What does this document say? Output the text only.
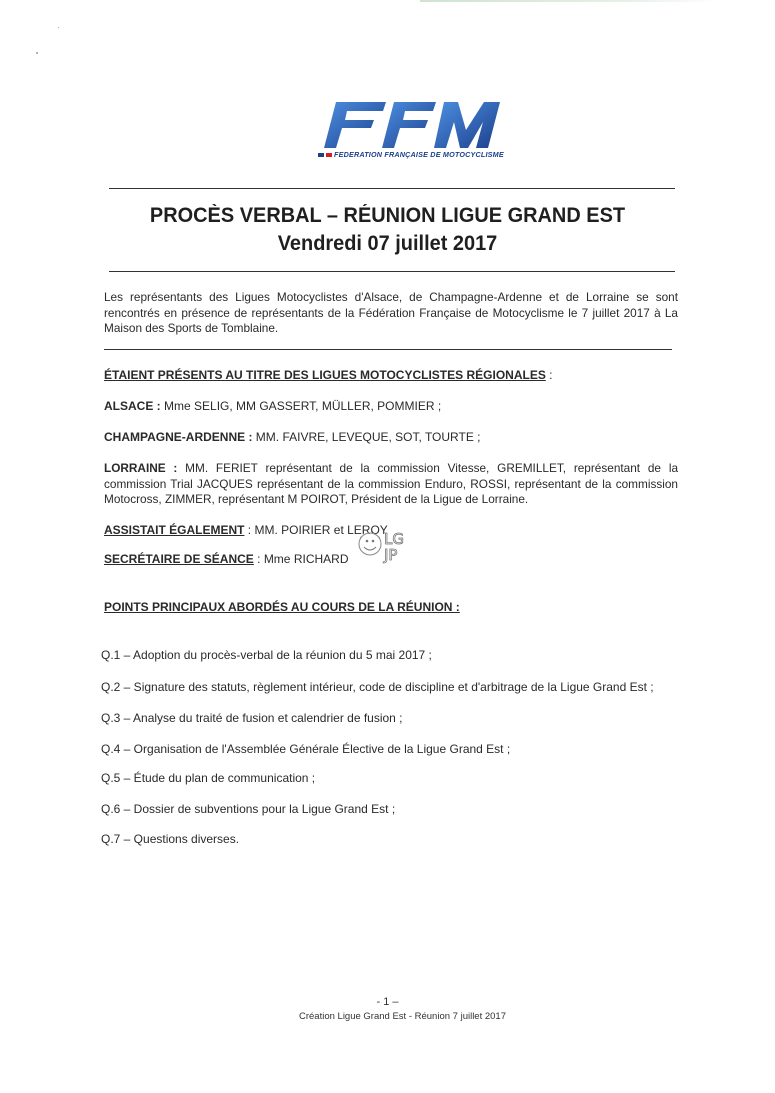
FEDERATION FRANÇAISE DE MOTOCYCLISME
PROCÈS VERBAL – RÉUNION LIGUE GRAND EST
Vendredi 07 juillet 2017
Les représentants des Ligues Motocyclistes d'Alsace, de Champagne-Ardenne et de Lorraine se sont rencontrés en présence de représentants de la Fédération Française de Motocyclisme le 7 juillet 2017 à La Maison des Sports de Tomblaine.
ÉTAIENT PRÉSENTS AU TITRE DES LIGUES MOTOCYCLISTES RÉGIONALES :
ALSACE : Mme SELIG, MM GASSERT, MÜLLER, POMMIER ;
CHAMPAGNE-ARDENNE : MM. FAIVRE, LEVEQUE, SOT, TOURTE ;
LORRAINE : MM. FERIET représentant de la commission Vitesse, GREMILLET, représentant de la commission Trial JACQUES représentant de la commission Enduro, ROSSI, représentant de la commission Motocross, ZIMMER, représentant M POIROT, Président de la Ligue de Lorraine.
ASSISTAIT ÉGALEMENT : MM. POIRIER et LEROY
SECRÉTAIRE DE SÉANCE : Mme RICHARD
LG
JP
POINTS PRINCIPAUX ABORDÉS AU COURS DE LA RÉUNION :
Q.1 – Adoption du procès-verbal de la réunion du 5 mai 2017 ;
Q.2 – Signature des statuts, règlement intérieur, code de discipline et d'arbitrage de la Ligue Grand Est ;
Q.3 – Analyse du traité de fusion et calendrier de fusion ;
Q.4 – Organisation de l'Assemblée Générale Élective de la Ligue Grand Est ;
Q.5 – Étude du plan de communication ;
Q.6 – Dossier de subventions pour la Ligue Grand Est ;
Q.7 – Questions diverses.
- 1 –
Création Ligue Grand Est - Réunion 7 juillet 2017
